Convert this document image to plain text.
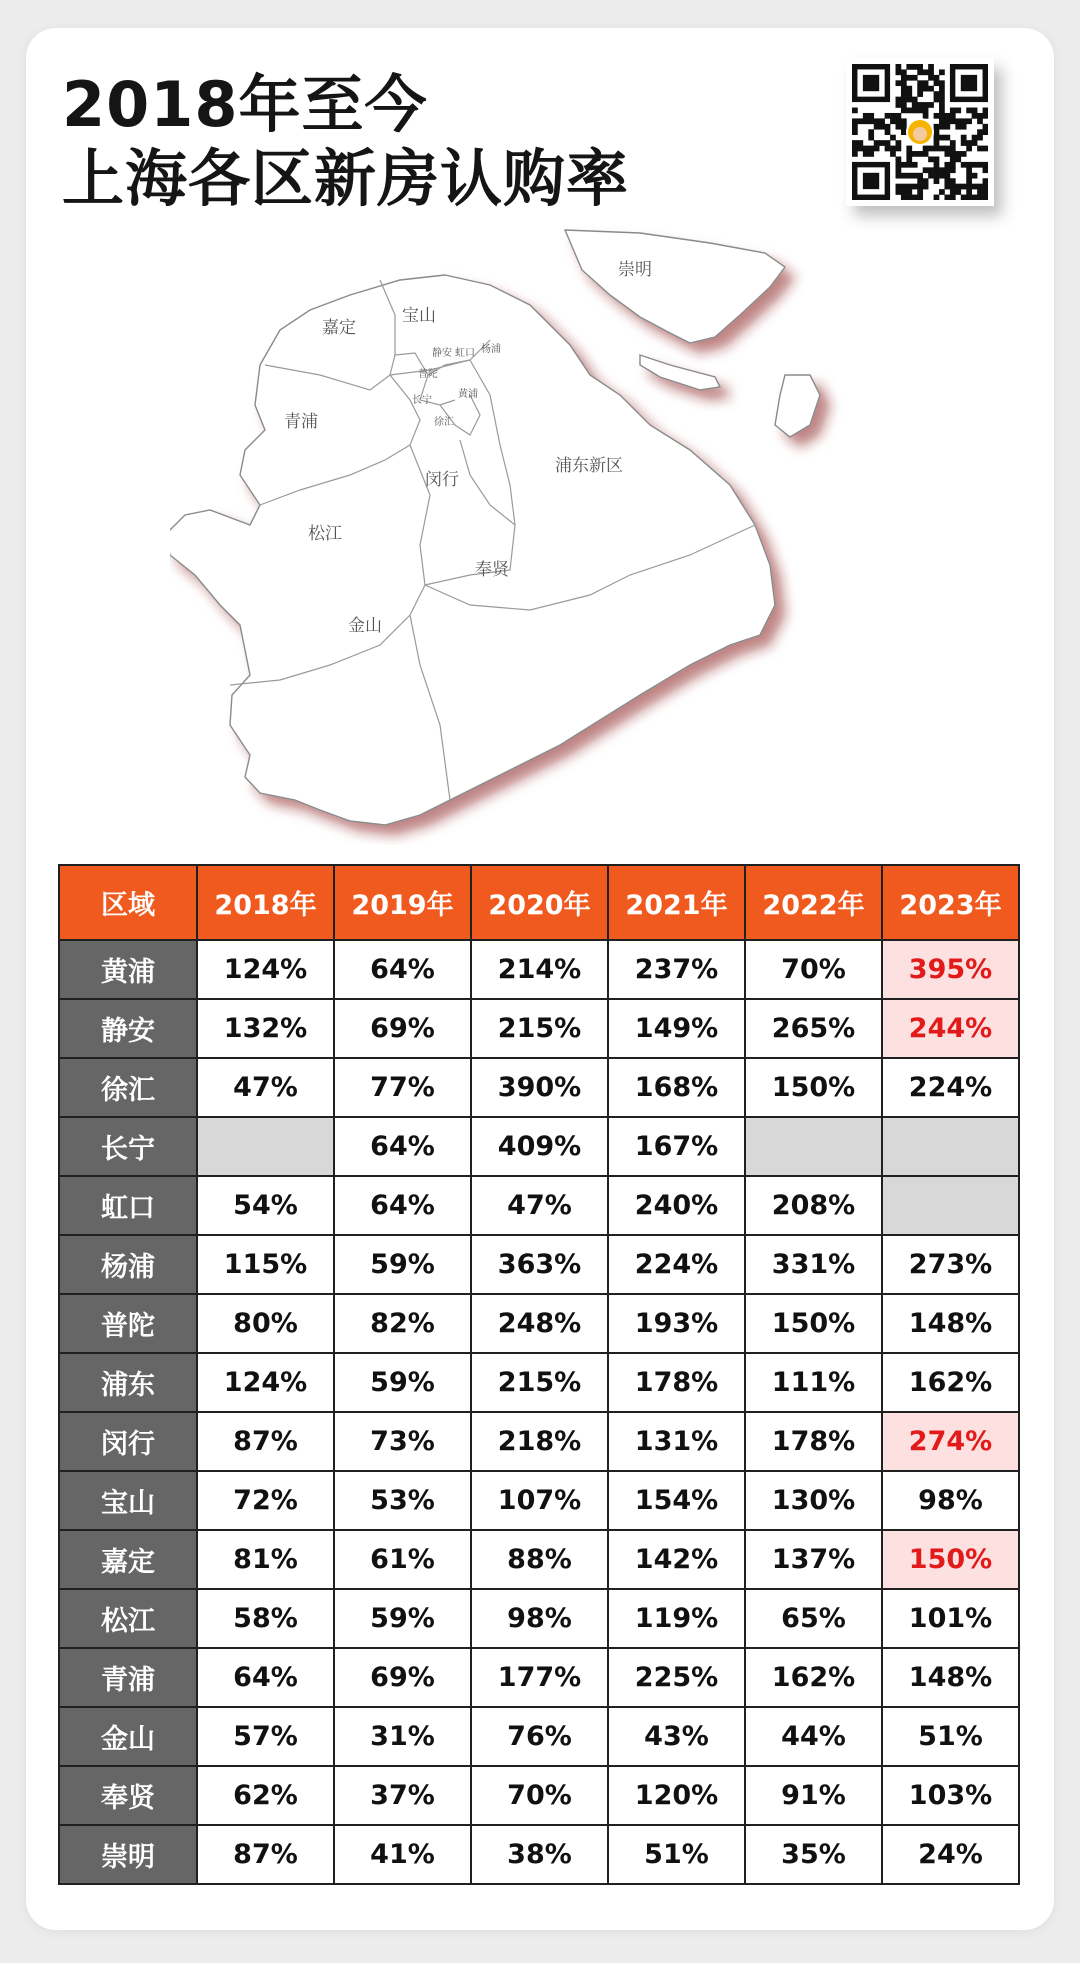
2018年至今
上海各区新房认购率
崇明
宝山
嘉定
青浦
浦东新区
闵行
松江
奉贤
金山
静安 虹口 杨浦
普陀
长宁
黄浦
徐汇
区域	2018年	2019年	2020年	2021年	2022年	2023年
黄浦	124%	64%	214%	237%	70%	395%
静安	132%	69%	215%	149%	265%	244%
徐汇	47%	77%	390%	168%	150%	224%
长宁		64%	409%	167%		
虹口	54%	64%	47%	240%	208%	
杨浦	115%	59%	363%	224%	331%	273%
普陀	80%	82%	248%	193%	150%	148%
浦东	124%	59%	215%	178%	111%	162%
闵行	87%	73%	218%	131%	178%	274%
宝山	72%	53%	107%	154%	130%	98%
嘉定	81%	61%	88%	142%	137%	150%
松江	58%	59%	98%	119%	65%	101%
青浦	64%	69%	177%	225%	162%	148%
金山	57%	31%	76%	43%	44%	51%
奉贤	62%	37%	70%	120%	91%	103%
崇明	87%	41%	38%	51%	35%	24%
